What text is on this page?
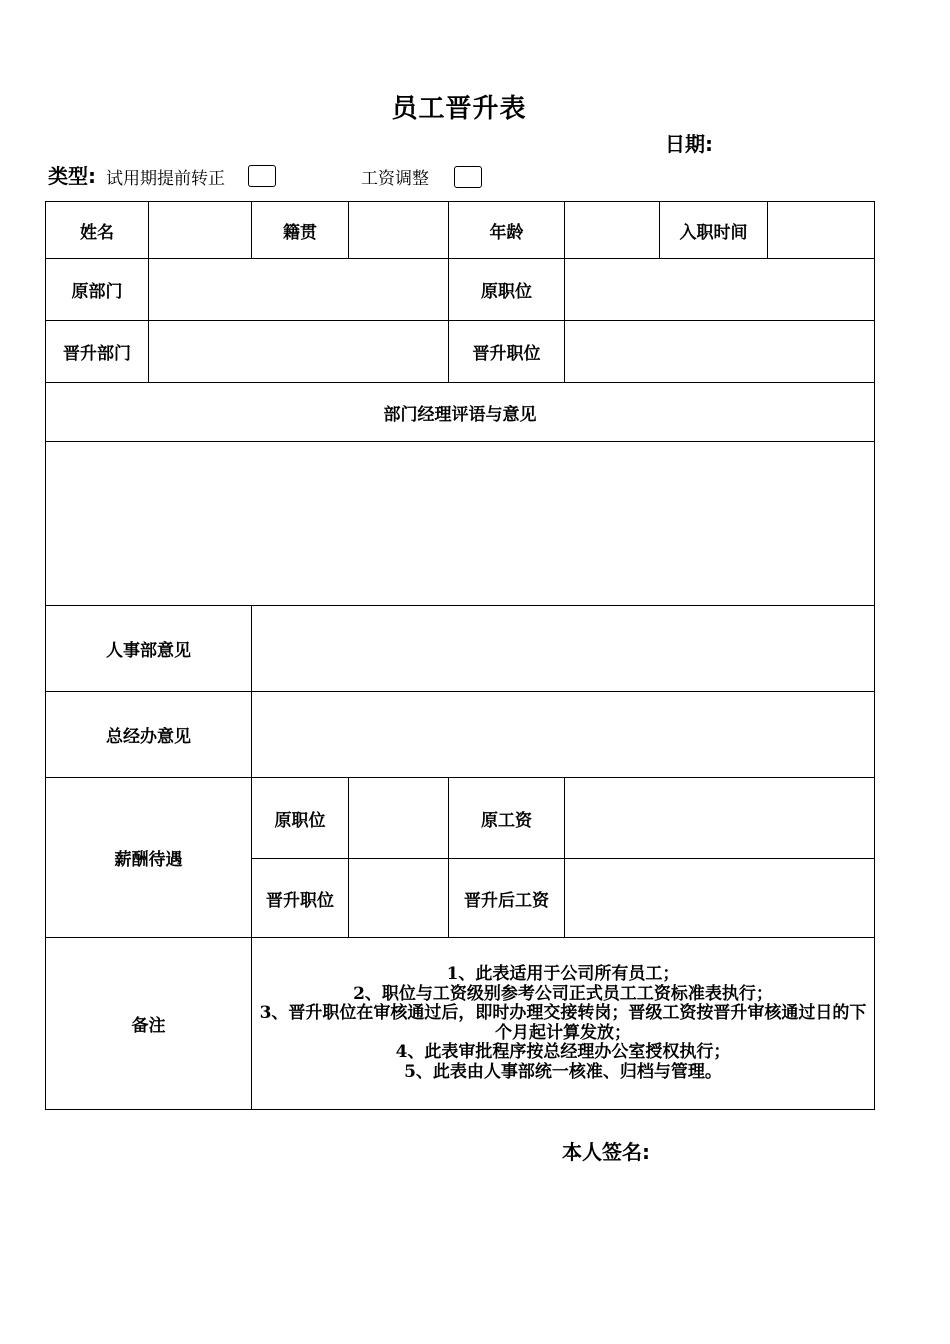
员工晋升表
日期:
类型: 试用期提前转正	工资调整
姓名		籍贯		年龄		入职时间	
原部门				原职位			
晋升部门				晋升职位			
部门经理评语与意见							

人事部意见							
总经办意见							
薪酬待遇		原职位		原工资			
		晋升职位		晋升后工资			
备注		1、此表适用于公司所有员工；
2、职位与工资级别参考公司正式员工工资标准表执行；
3、晋升职位在审核通过后，即时办理交接转岗；晋级工资按晋升审核通过日的下个月起计算发放；
4、此表审批程序按总经理办公室授权执行；
5、此表由人事部统一核准、归档与管理。					
本人签名:
